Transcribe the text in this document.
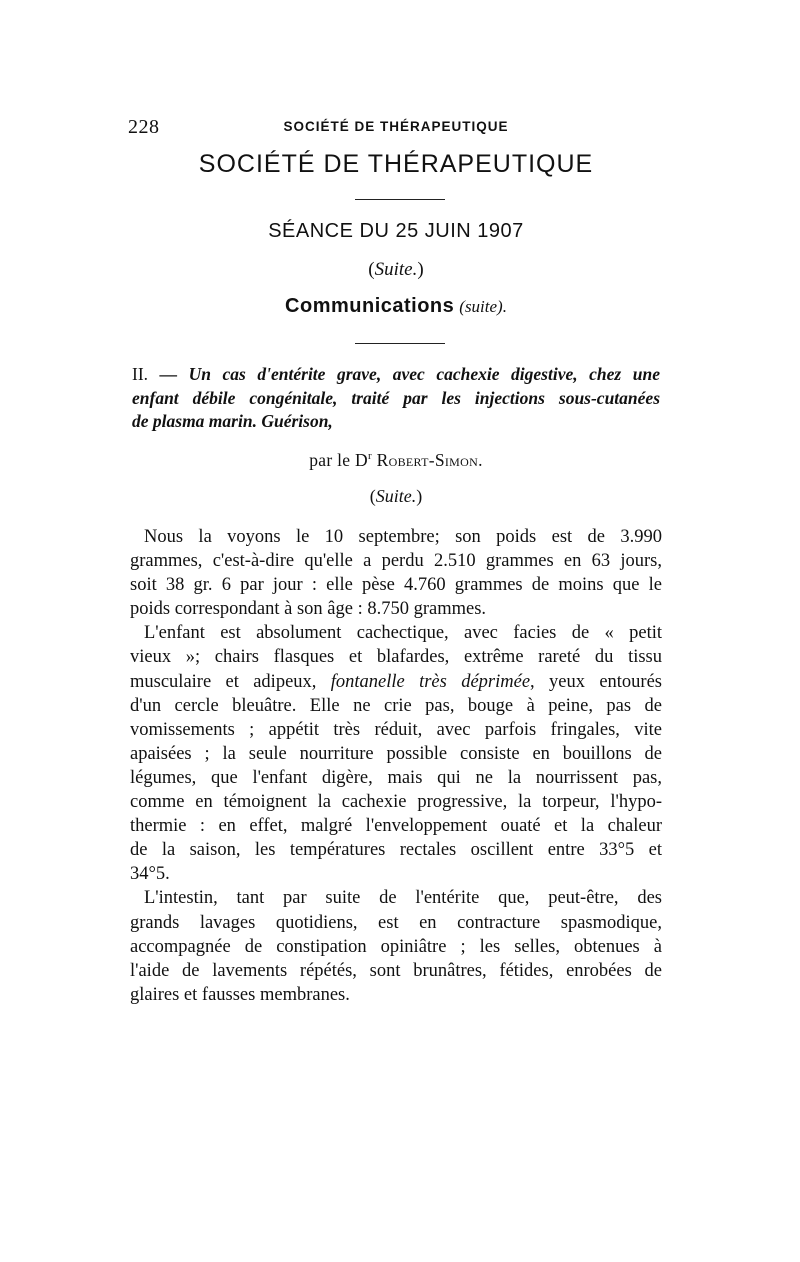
228	SOCIÉTÉ DE THÉRAPEUTIQUE
SOCIÉTÉ DE THÉRAPEUTIQUE
SÉANCE DU 25 JUIN 1907
(Suite.)
Communications (suite).

II. — Un cas d'entérite grave, avec cachexie digestive, chez une

enfant débile congénitale, traité par les injections sous-cutanées

de plasma marin. Guérison,

par le $D^r$ Robert-Simon.
(Suite.)
Nous la voyons le 10 septembre; son poids est de 3.990
grammes, c'est-à-dire qu'elle a perdu 2.510 grammes en 63 jours,
soit 38 gr. 6 par jour : elle pèse 4.760 grammes de moins que le
poids correspondant à son âge : 8.750 grammes.
L'enfant est absolument cachectique, avec facies de « petit
vieux »; chairs flasques et blafardes, extrême rareté du tissu
musculaire et adipeux, fontanelle très déprimée, yeux entourés
d'un cercle bleuâtre. Elle ne crie pas, bouge à peine, pas de
vomissements ; appétit très réduit, avec parfois fringales, vite
apaisées ; la seule nourriture possible consiste en bouillons de
légumes, que l'enfant digère, mais qui ne la nourrissent pas,
comme en témoignent la cachexie progressive, la torpeur, l'hypo-
thermie : en effet, malgré l'enveloppement ouaté et la chaleur
de la saison, les températures rectales oscillent entre 33°5 et
34°5.
L'intestin, tant par suite de l'entérite que, peut-être, des
grands lavages quotidiens, est en contracture spasmodique,
accompagnée de constipation opiniâtre ; les selles, obtenues à
l'aide de lavements répétés, sont brunâtres, fétides, enrobées de
glaires et fausses membranes.
